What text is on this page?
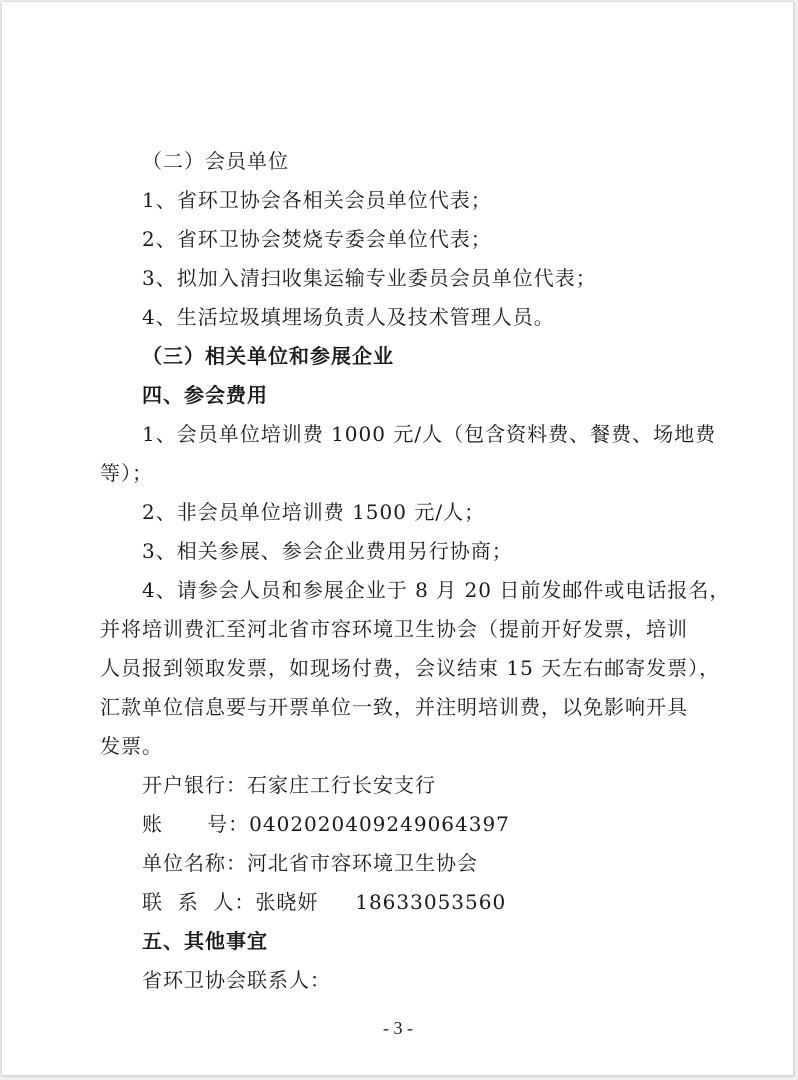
（二）会员单位
1、省环卫协会各相关会员单位代表；
2、省环卫协会焚烧专委会单位代表；
3、拟加入清扫收集运输专业委员会员单位代表；
4、生活垃圾填埋场负责人及技术管理人员。
（三）相关单位和参展企业
四、参会费用
1、会员单位培训费 1000 元/人（包含资料费、餐费、场地费
等）；
2、非会员单位培训费 1500 元/人；
3、相关参展、参会企业费用另行协商；
4、请参会人员和参展企业于 8 月 20 日前发邮件或电话报名，
并将培训费汇至河北省市容环境卫生协会（提前开好发票，培训
人员报到领取发票，如现场付费，会议结束 15 天左右邮寄发票），
汇款单位信息要与开票单位一致，并注明培训费，以免影响开具
发票。
开户银行：石家庄工行长安支行
账      号：0402020409249064397
单位名称：河北省市容环境卫生协会
联  系  人：张晓妍     18633053560
五、其他事宜
省环卫协会联系人：
- 3 -
